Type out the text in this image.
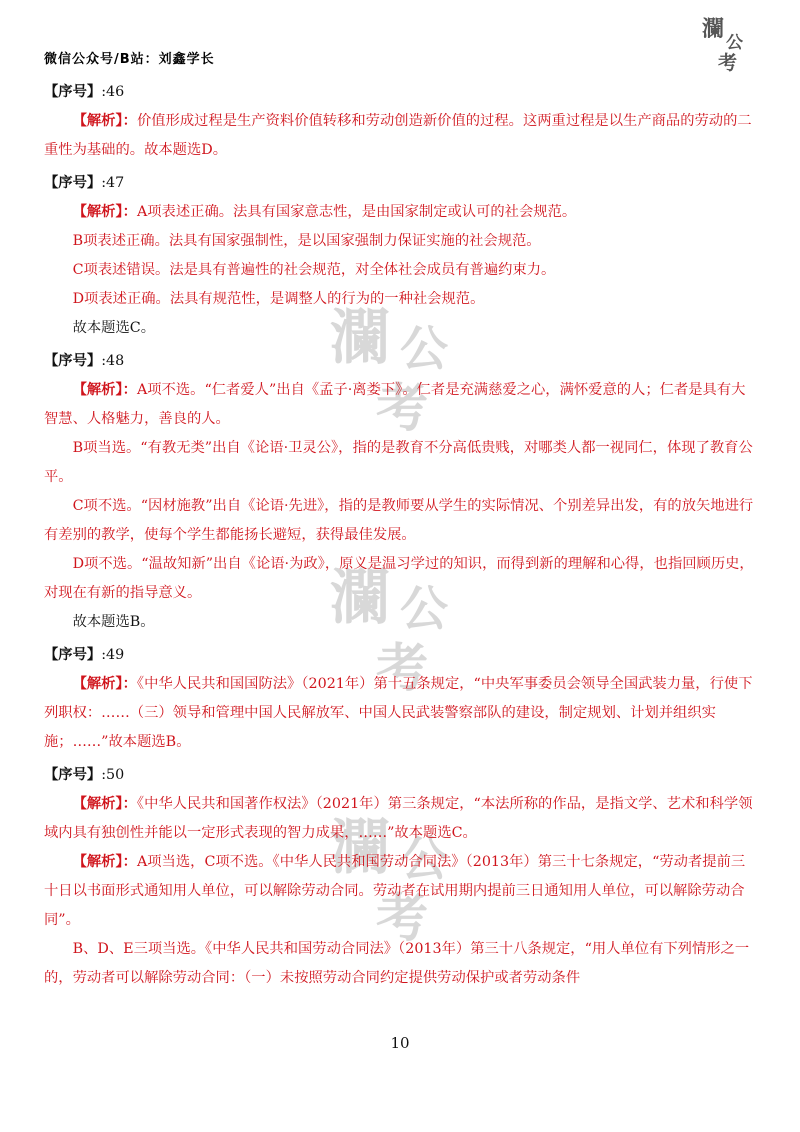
微信公众号/B站：刘鑫学长
瀾
公
考
瀾 公
考
瀾 公
考
瀾 公
考
【序号】:46

【解析】：价值形成过程是生产资料价值转移和劳动创造新价值的过程。这两重过程是以生产商品的劳动的二重性为基础的。故本题选D。

【序号】:47

【解析】：A项表述正确。法具有国家意志性，是由国家制定或认可的社会规范。

B项表述正确。法具有国家强制性，是以国家强制力保证实施的社会规范。

C项表述错误。法是具有普遍性的社会规范，对全体社会成员有普遍约束力。

D项表述正确。法具有规范性，是调整人的行为的一种社会规范。

故本题选C。

【序号】:48

【解析】：A项不选。“仁者爱人”出自《孟子·离娄下》。仁者是充满慈爱之心，满怀爱意的人；仁者是具有大智慧、人格魅力，善良的人。

B项当选。“有教无类”出自《论语·卫灵公》，指的是教育不分高低贵贱，对哪类人都一视同仁，体现了教育公平。

C项不选。“因材施教”出自《论语·先进》，指的是教师要从学生的实际情况、个别差异出发，有的放矢地进行有差别的教学，使每个学生都能扬长避短，获得最佳发展。

D项不选。“温故知新”出自《论语·为政》，原义是温习学过的知识，而得到新的理解和心得，也指回顾历史，对现在有新的指导意义。

故本题选B。

【序号】:49

【解析】：《中华人民共和国国防法》（2021年）第十五条规定，“中央军事委员会领导全国武装力量，行使下列职权：……（三）领导和管理中国人民解放军、中国人民武装警察部队的建设，制定规划、计划并组织实施；……”故本题选B。

【序号】:50

【解析】：《中华人民共和国著作权法》（2021年）第三条规定，“本法所称的作品，是指文学、艺术和科学领域内具有独创性并能以一定形式表现的智力成果，……”故本题选C。

【解析】：A项当选，C项不选。《中华人民共和国劳动合同法》（2013年）第三十七条规定，“劳动者提前三十日以书面形式通知用人单位，可以解除劳动合同。劳动者在试用期内提前三日通知用人单位，可以解除劳动合同”。

B、D、E三项当选。《中华人民共和国劳动合同法》（2013年）第三十八条规定，“用人单位有下列情形之一的，劳动者可以解除劳动合同：（一）未按照劳动合同约定提供劳动保护或者劳动条件

10
